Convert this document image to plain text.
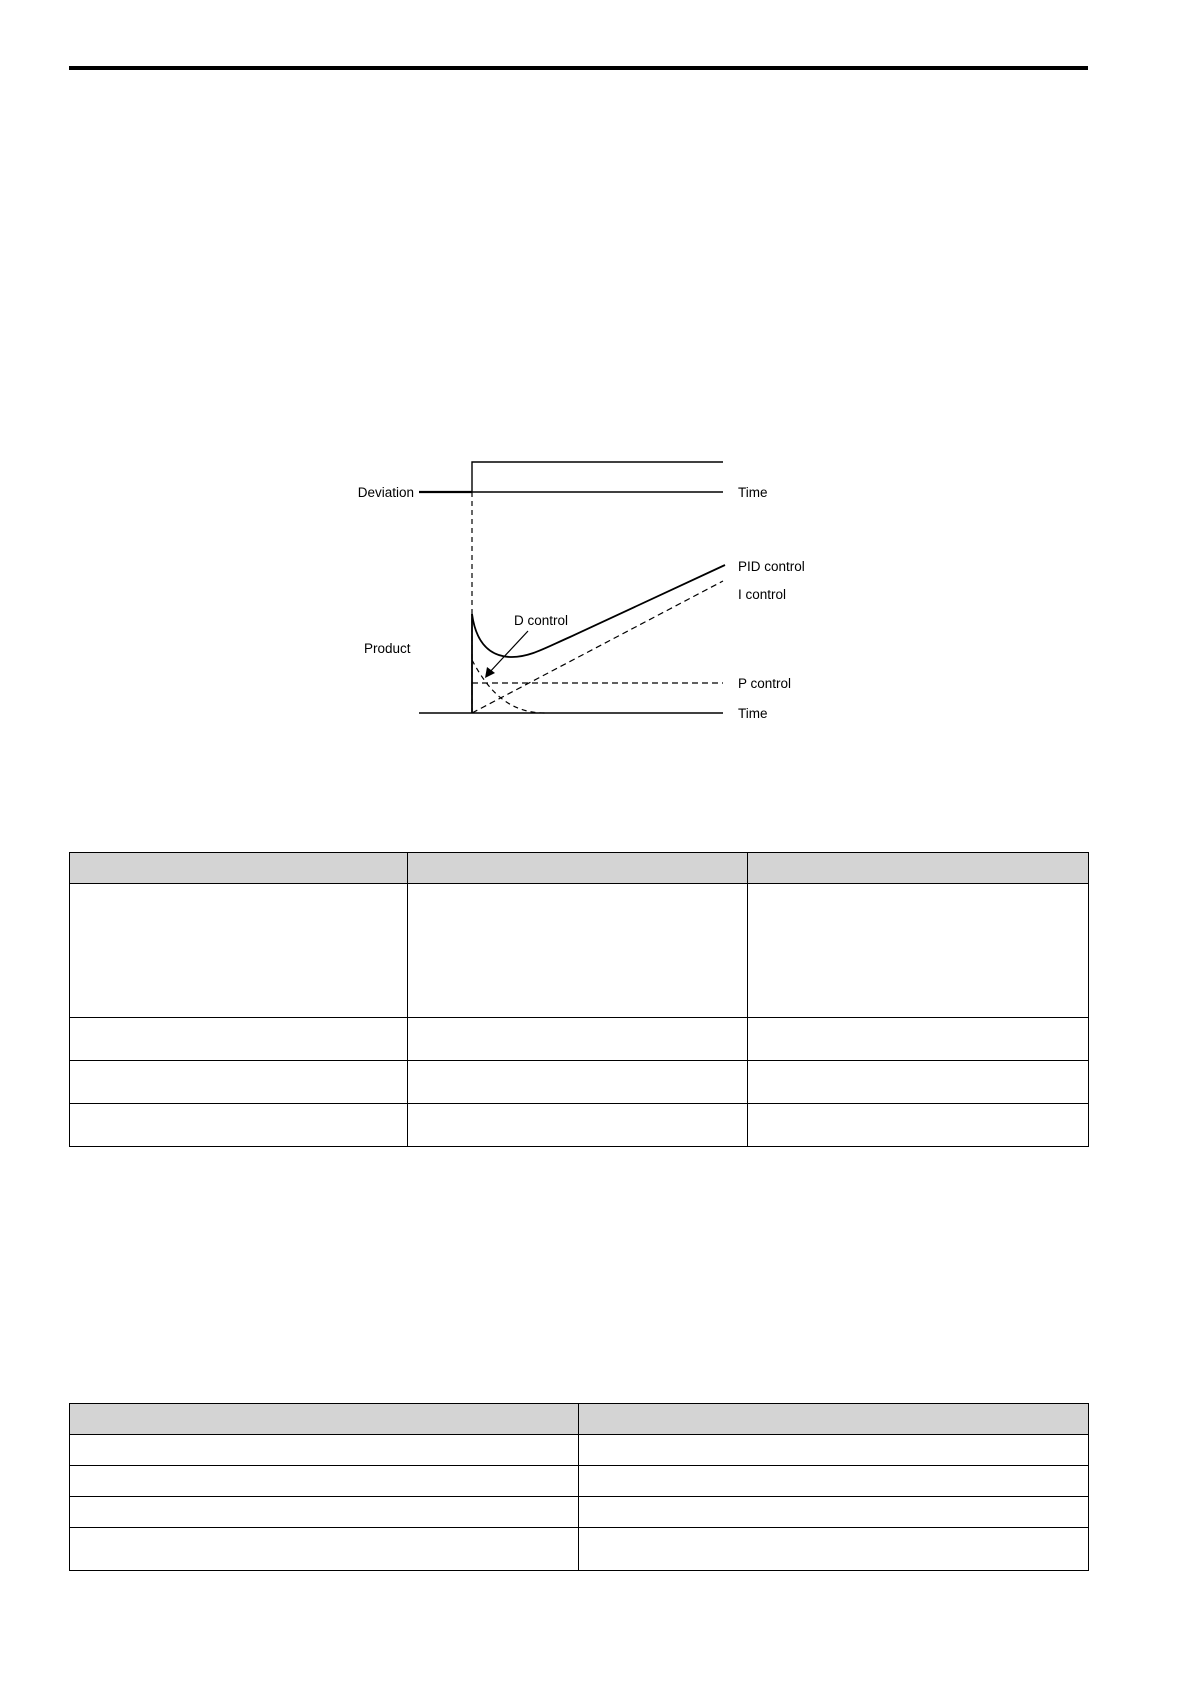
Deviation	Time
PID control
I control
D control
Product
P control
Time
